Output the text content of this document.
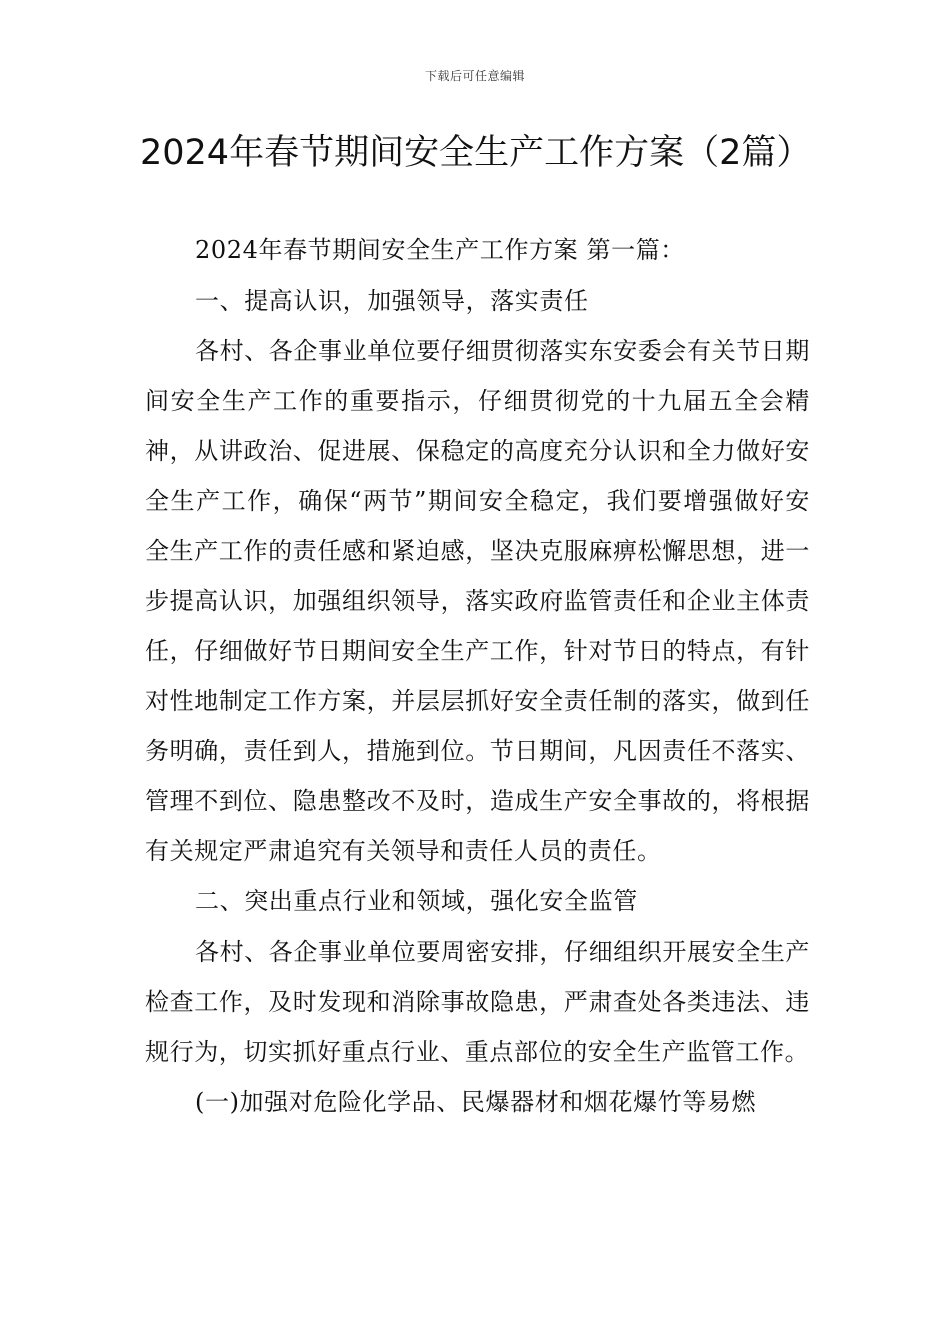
下载后可任意编辑
2024年春节期间安全生产工作方案（2篇）

2024年春节期间安全生产工作方案 第一篇：

一、提高认识，加强领导，落实责任

各村、各企事业单位要仔细贯彻落实东安委会有关节日期间安全生产工作的重要指示，仔细贯彻党的十九届五全会精神，从讲政治、促进展、保稳定的高度充分认识和全力做好安全生产工作，确保“两节”期间安全稳定，我们要增强做好安全生产工作的责任感和紧迫感，坚决克服麻痹松懈思想，进一步提高认识，加强组织领导，落实政府监管责任和企业主体责任，仔细做好节日期间安全生产工作，针对节日的特点，有针对性地制定工作方案，并层层抓好安全责任制的落实，做到任务明确，责任到人，措施到位。节日期间，凡因责任不落实、管理不到位、隐患整改不及时，造成生产安全事故的，将根据有关规定严肃追究有关领导和责任人员的责任。

二、突出重点行业和领域，强化安全监管

各村、各企事业单位要周密安排，仔细组织开展安全生产检查工作，及时发现和消除事故隐患，严肃查处各类违法、违规行为，切实抓好重点行业、重点部位的安全生产监管工作。

(一)加强对危险化学品、民爆器材和烟花爆竹等易燃
